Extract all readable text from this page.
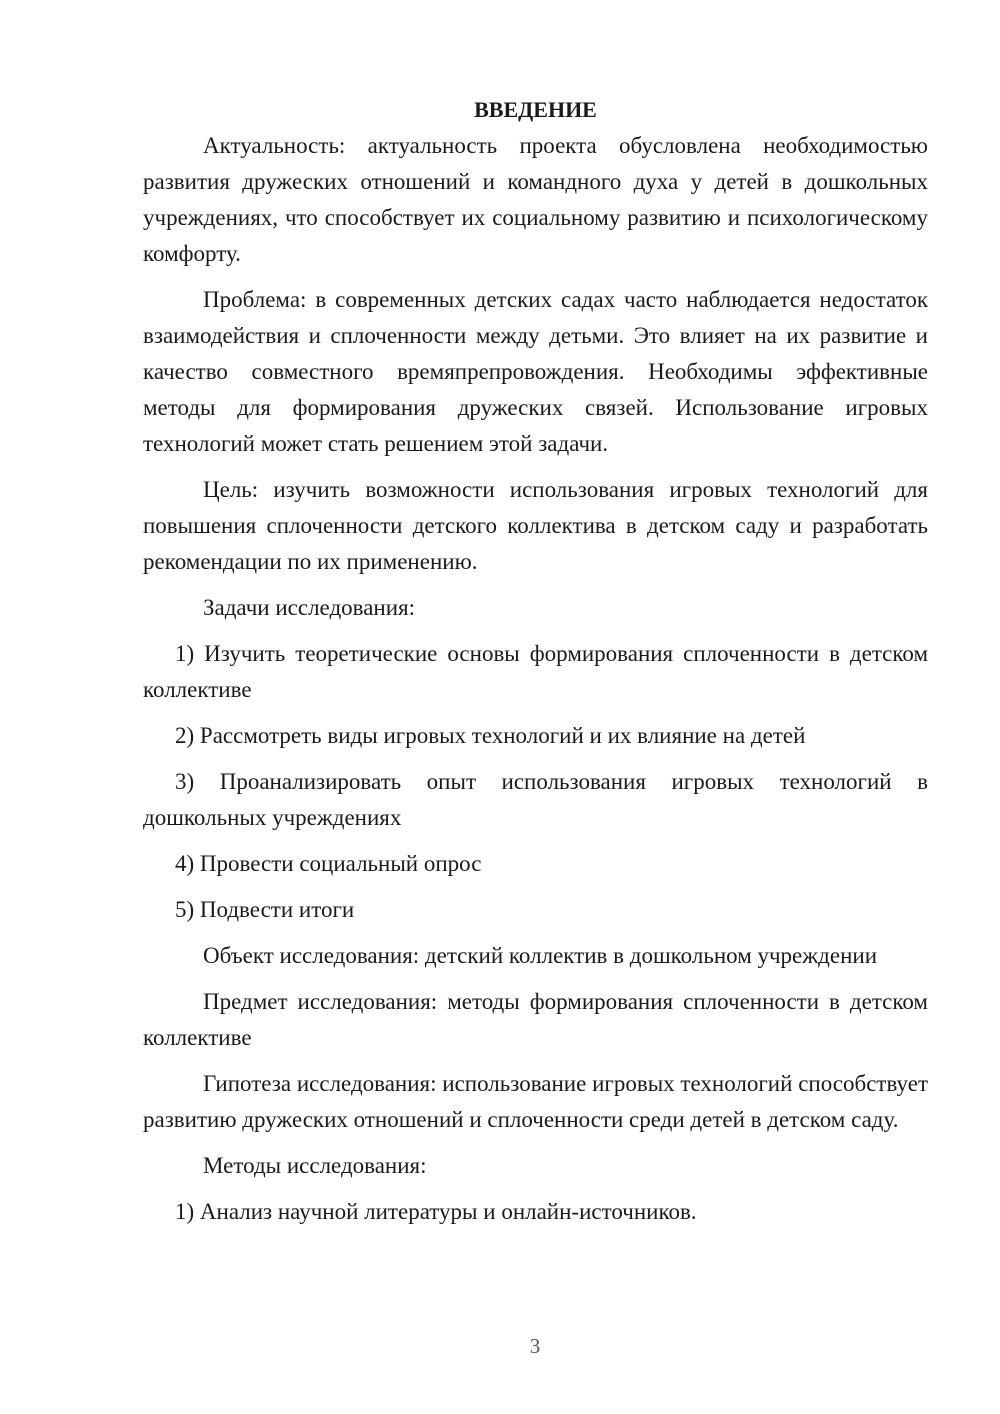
ВВЕДЕНИЕ

Актуальность: актуальность проекта обусловлена необходимостью развития дружеских отношений и командного духа у детей в дошкольных учреждениях, что способствует их социальному развитию и психологическому комфорту.

Проблема: в современных детских садах часто наблюдается недостаток взаимодействия и сплоченности между детьми. Это влияет на их развитие и качество совместного времяпрепровождения. Необходимы эффективные методы для формирования дружеских связей. Использование игровых технологий может стать решением этой задачи.

Цель: изучить возможности использования игровых технологий для повышения сплоченности детского коллектива в детском саду и разработать рекомендации по их применению.

Задачи исследования:

1) Изучить теоретические основы формирования сплоченности в детском коллективе

2) Рассмотреть виды игровых технологий и их влияние на детей

3) Проанализировать опыт использования игровых технологий в дошкольных учреждениях

4) Провести социальный опрос

5) Подвести итоги

Объект исследования: детский коллектив в дошкольном учреждении

Предмет исследования: методы формирования сплоченности в детском коллективе

Гипотеза исследования: использование игровых технологий способствует развитию дружеских отношений и сплоченности среди детей в детском саду.

Методы исследования:

1) Анализ научной литературы и онлайн-источников.

3
